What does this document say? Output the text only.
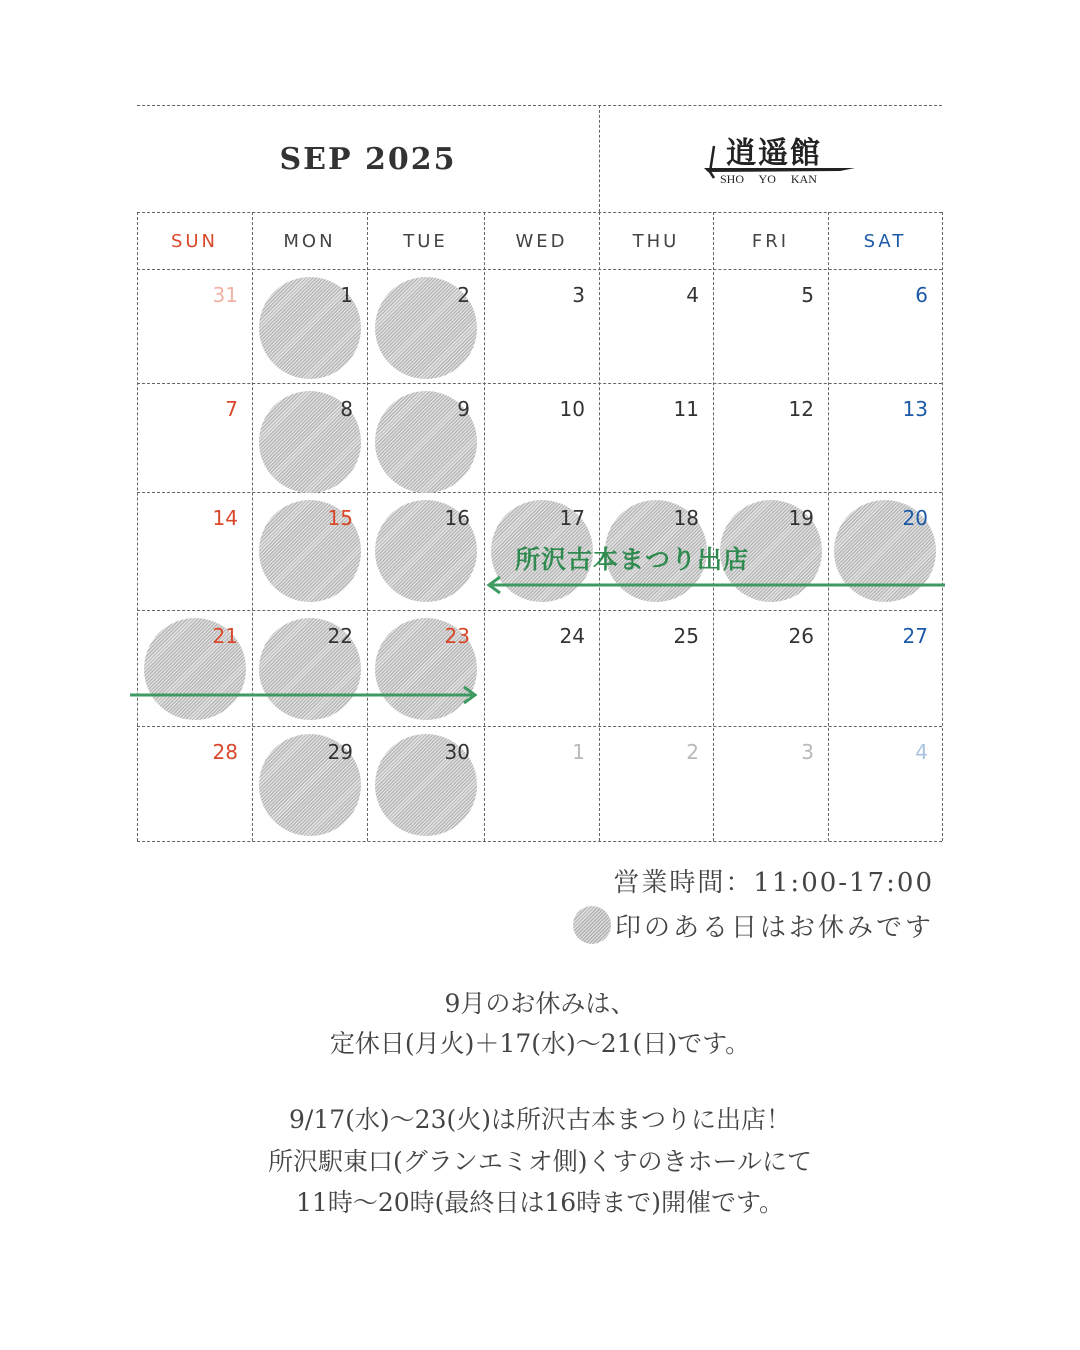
SEP 2025	逍遥館
SHO YO KAN
SUN	MON	TUE	WED	THU	FRI	SAT
31	1	2	3	4	5	6
7	8	9	10	11	12	13
14	15	16	17	18	19	20
21	22	23	24	25	26	27
28	29	30	1	2	3	4
所沢古本まつり出店
営業時間：11:00-17:00
印のある日はお休みです
9月のお休みは、
定休日(月火)＋17(水)〜21(日)です。
9/17(水)〜23(火)は所沢古本まつりに出店！
所沢駅東口(グランエミオ側)くすのきホールにて
11時〜20時(最終日は16時まで)開催です。
